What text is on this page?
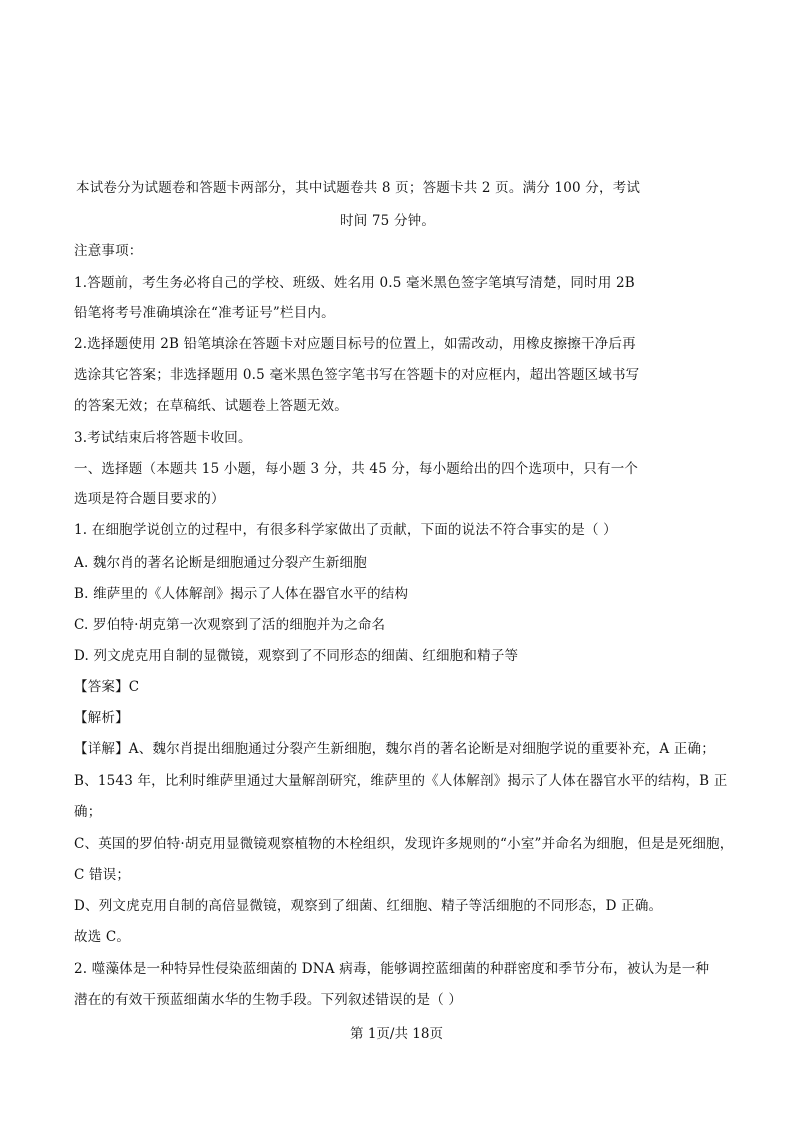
本试卷分为试题卷和答题卡两部分，其中试题卷共 8 页；答题卡共 2 页。满分 100 分，考试
时间 75 分钟。
注意事项：
1.答题前，考生务必将自己的学校、班级、姓名用 0.5 毫米黑色签字笔填写清楚，同时用 2B
铅笔将考号准确填涂在“准考证号”栏目内。
2.选择题使用 2B 铅笔填涂在答题卡对应题目标号的位置上，如需改动，用橡皮擦擦干净后再
选涂其它答案；非选择题用 0.5 毫米黑色签字笔书写在答题卡的对应框内，超出答题区域书写
的答案无效；在草稿纸、试题卷上答题无效。
3.考试结束后将答题卡收回。
一、选择题（本题共 15 小题，每小题 3 分，共 45 分，每小题给出的四个选项中，只有一个
选项是符合题目要求的）
1. 在细胞学说创立的过程中，有很多科学家做出了贡献，下面的说法不符合事实的是（ ）
A. 魏尔肖的著名论断是细胞通过分裂产生新细胞
B. 维萨里的《人体解剖》揭示了人体在器官水平的结构
C. 罗伯特·胡克第一次观察到了活的细胞并为之命名
D. 列文虎克用自制的显微镜，观察到了不同形态的细菌、红细胞和精子等
【答案】C
【解析】
【详解】A、魏尔肖提出细胞通过分裂产生新细胞，魏尔肖的著名论断是对细胞学说的重要补充，A 正确；
B、1543 年，比利时维萨里通过大量解剖研究，维萨里的《人体解剖》揭示了人体在器官水平的结构，B 正
确；
C、英国的罗伯特·胡克用显微镜观察植物的木栓组织，发现许多规则的“小室”并命名为细胞，但是是死细胞，
C 错误；
D、列文虎克用自制的高倍显微镜，观察到了细菌、红细胞、精子等活细胞的不同形态，D 正确。
故选 C。
2. 噬藻体是一种特异性侵染蓝细菌的 DNA 病毒，能够调控蓝细菌的种群密度和季节分布，被认为是一种
潜在的有效干预蓝细菌水华的生物手段。下列叙述错误的是（ ）
第 1页/共 18页
